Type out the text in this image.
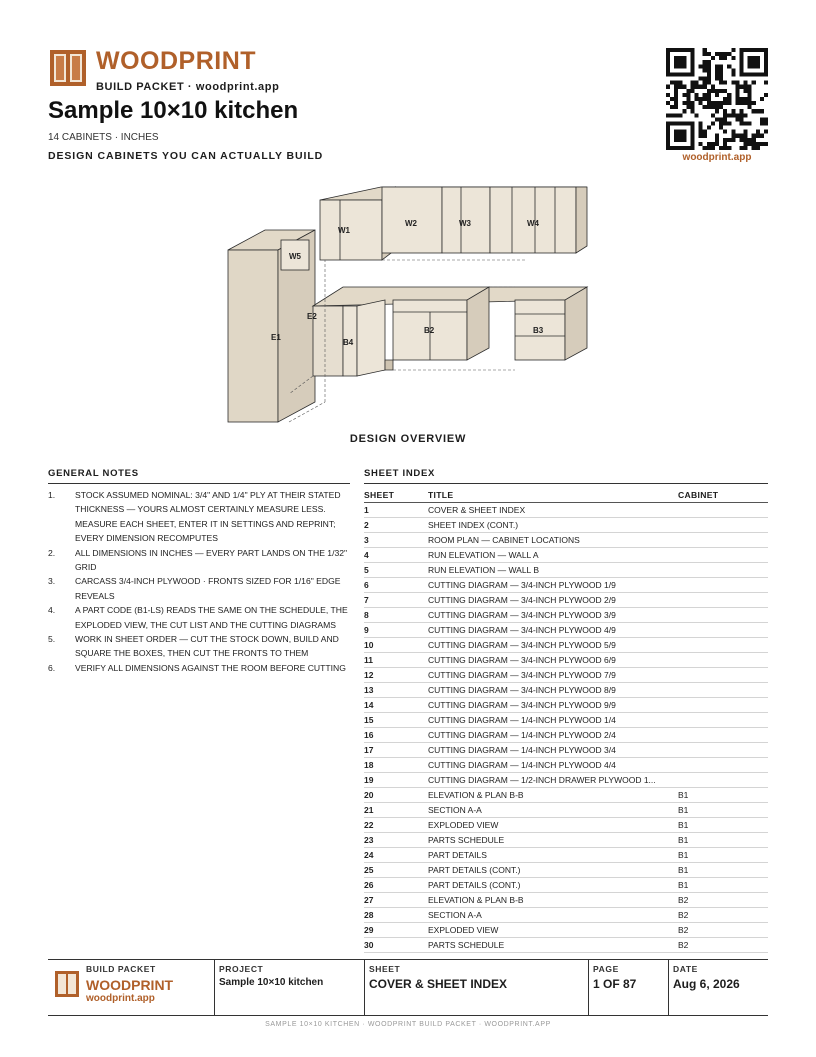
WOODPRINT
BUILD PACKET · woodprint.app
Sample 10×10 kitchen
14 CABINETS · INCHES
DESIGN CABINETS YOU CAN ACTUALLY BUILD	woodprint.app
W1
W2	W3	W4
W5
E1
E2
B4
B2	B3
DESIGN OVERVIEW
GENERAL NOTES
1.	STOCK ASSUMED NOMINAL: 3/4" AND 1/4" PLY AT THEIR STATED THICKNESS — YOURS ALMOST CERTAINLY MEASURE LESS. MEASURE EACH SHEET, ENTER IT IN SETTINGS AND REPRINT; EVERY DIMENSION RECOMPUTES
2.	ALL DIMENSIONS IN INCHES — EVERY PART LANDS ON THE 1/32" GRID
3.	CARCASS 3/4-INCH PLYWOOD · FRONTS SIZED FOR 1/16" EDGE REVEALS
4.	A PART CODE (B1-LS) READS THE SAME ON THE SCHEDULE, THE EXPLODED VIEW, THE CUT LIST AND THE CUTTING DIAGRAMS
5.	WORK IN SHEET ORDER — CUT THE STOCK DOWN, BUILD AND SQUARE THE BOXES, THEN CUT THE FRONTS TO THEM
6.	VERIFY ALL DIMENSIONS AGAINST THE ROOM BEFORE CUTTING
SHEET INDEX
SHEET	TITLE	CABINET
1	COVER & SHEET INDEX	
2	SHEET INDEX (CONT.)	
3	ROOM PLAN — CABINET LOCATIONS	
4	RUN ELEVATION — WALL A	
5	RUN ELEVATION — WALL B	
6	CUTTING DIAGRAM — 3/4-INCH PLYWOOD 1/9	
7	CUTTING DIAGRAM — 3/4-INCH PLYWOOD 2/9	
8	CUTTING DIAGRAM — 3/4-INCH PLYWOOD 3/9	
9	CUTTING DIAGRAM — 3/4-INCH PLYWOOD 4/9	
10	CUTTING DIAGRAM — 3/4-INCH PLYWOOD 5/9	
11	CUTTING DIAGRAM — 3/4-INCH PLYWOOD 6/9	
12	CUTTING DIAGRAM — 3/4-INCH PLYWOOD 7/9	
13	CUTTING DIAGRAM — 3/4-INCH PLYWOOD 8/9	
14	CUTTING DIAGRAM — 3/4-INCH PLYWOOD 9/9	
15	CUTTING DIAGRAM — 1/4-INCH PLYWOOD 1/4	
16	CUTTING DIAGRAM — 1/4-INCH PLYWOOD 2/4	
17	CUTTING DIAGRAM — 1/4-INCH PLYWOOD 3/4	
18	CUTTING DIAGRAM — 1/4-INCH PLYWOOD 4/4	
19	CUTTING DIAGRAM — 1/2-INCH DRAWER PLYWOOD 1...	
20	ELEVATION & PLAN B-B	B1
21	SECTION A-A	B1
22	EXPLODED VIEW	B1
23	PARTS SCHEDULE	B1
24	PART DETAILS	B1
25	PART DETAILS (CONT.)	B1
26	PART DETAILS (CONT.)	B1
27	ELEVATION & PLAN B-B	B2
28	SECTION A-A	B2
29	EXPLODED VIEW	B2
30	PARTS SCHEDULE	B2
BUILD PACKET
WOODPRINT
woodprint.app
PROJECT
Sample 10×10 kitchen
SHEET
COVER & SHEET INDEX
PAGE
1 OF 87
DATE
Aug 6, 2026
SAMPLE 10×10 KITCHEN · WOODPRINT BUILD PACKET · WOODPRINT.APP
